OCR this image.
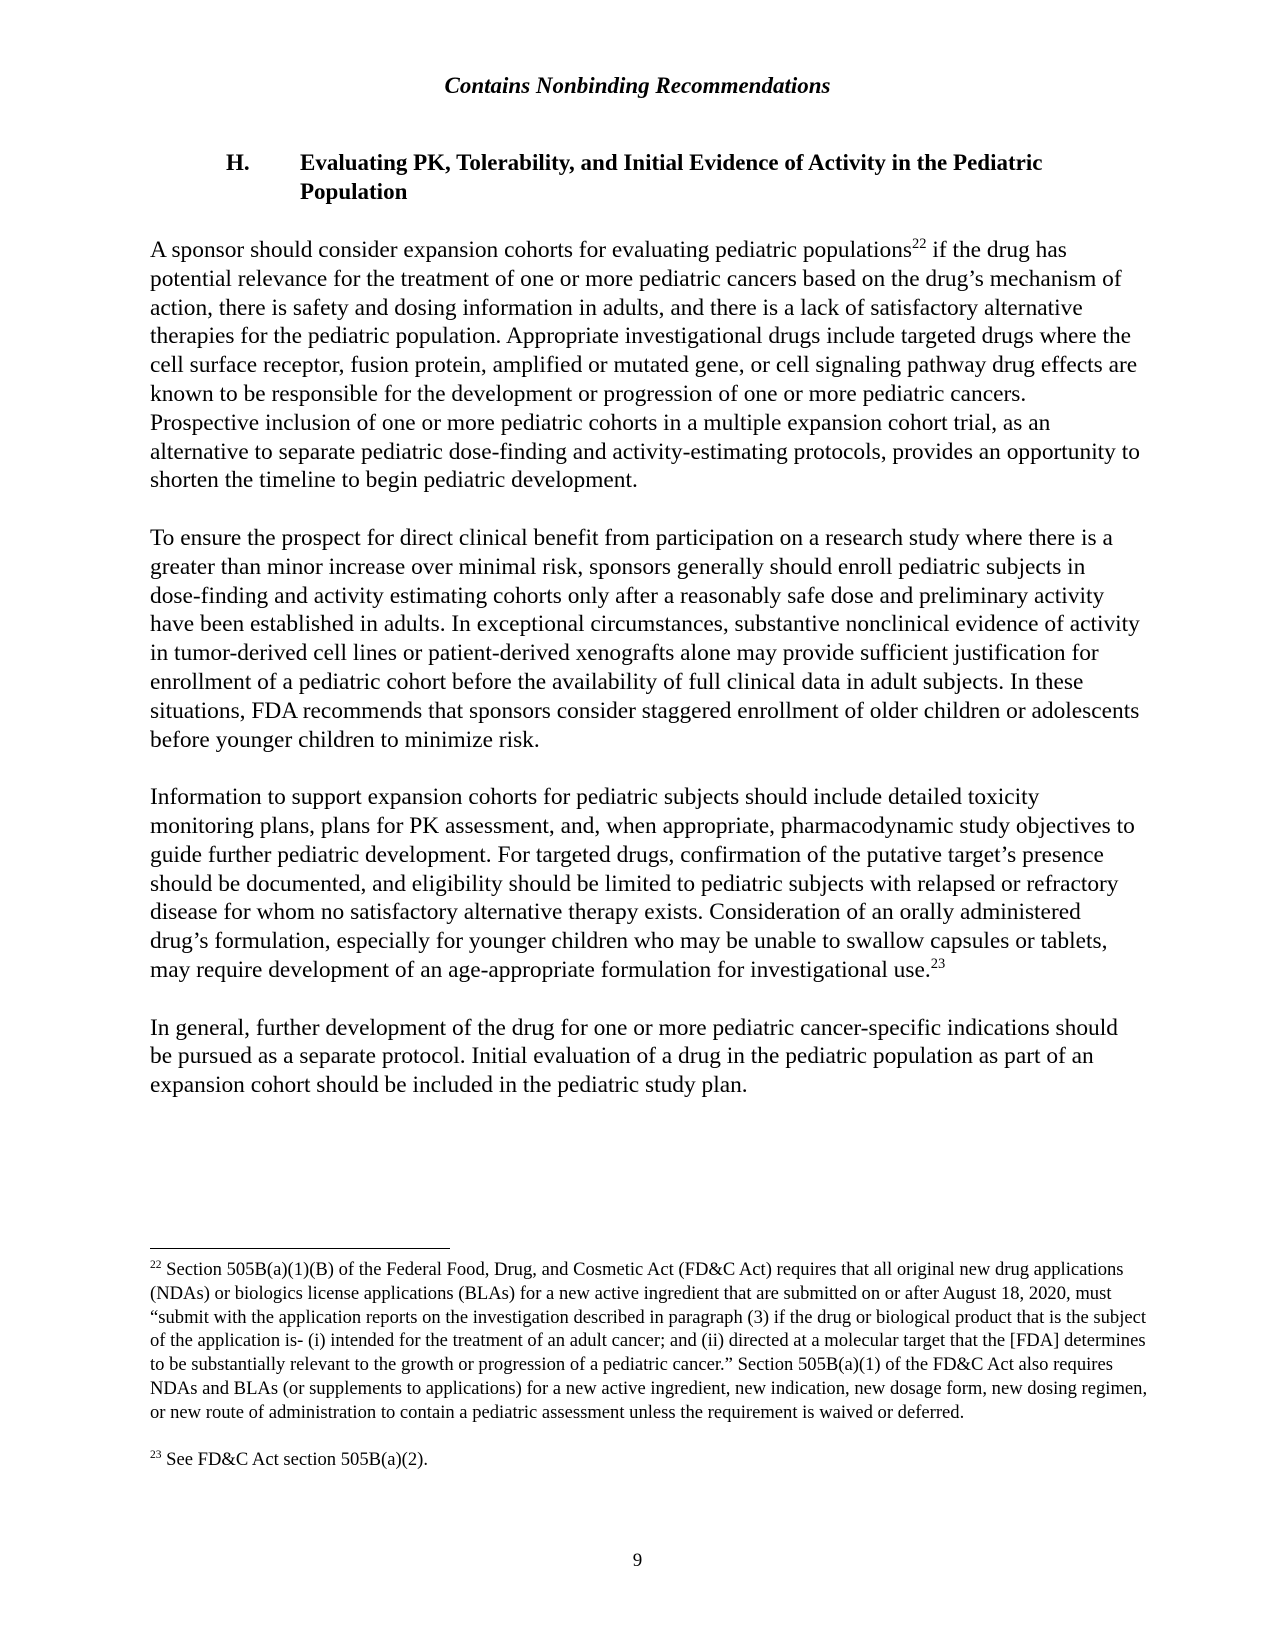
Contains Nonbinding Recommendations
H. Evaluating PK, Tolerability, and Initial Evidence of Activity in the Pediatric Population

A sponsor should consider expansion cohorts for evaluating pediatric populations$^{22}$ if the drug has potential relevance for the treatment of one or more pediatric cancers based on the drug’s mechanism of action, there is safety and dosing information in adults, and there is a lack of satisfactory alternative therapies for the pediatric population. Appropriate investigational drugs include targeted drugs where the cell surface receptor, fusion protein, amplified or mutated gene, or cell signaling pathway drug effects are known to be responsible for the development or progression of one or more pediatric cancers. Prospective inclusion of one or more pediatric cohorts in a multiple expansion cohort trial, as an alternative to separate pediatric dose-finding and activity-estimating protocols, provides an opportunity to shorten the timeline to begin pediatric development.

To ensure the prospect for direct clinical benefit from participation on a research study where there is a greater than minor increase over minimal risk, sponsors generally should enroll pediatric subjects in dose-finding and activity estimating cohorts only after a reasonably safe dose and preliminary activity have been established in adults. In exceptional circumstances, substantive nonclinical evidence of activity in tumor-derived cell lines or patient-derived xenografts alone may provide sufficient justification for enrollment of a pediatric cohort before the availability of full clinical data in adult subjects. In these situations, FDA recommends that sponsors consider staggered enrollment of older children or adolescents before younger children to minimize risk.

Information to support expansion cohorts for pediatric subjects should include detailed toxicity monitoring plans, plans for PK assessment, and, when appropriate, pharmacodynamic study objectives to guide further pediatric development. For targeted drugs, confirmation of the putative target’s presence should be documented, and eligibility should be limited to pediatric subjects with relapsed or refractory disease for whom no satisfactory alternative therapy exists. Consideration of an orally administered drug’s formulation, especially for younger children who may be unable to swallow capsules or tablets, may require development of an age-appropriate formulation for investigational use.$^{23}$

In general, further development of the drug for one or more pediatric cancer-specific indications should be pursued as a separate protocol. Initial evaluation of a drug in the pediatric population as part of an expansion cohort should be included in the pediatric study plan.

$^{22}$ Section 505B(a)(1)(B) of the Federal Food, Drug, and Cosmetic Act (FD&C Act) requires that all original new drug applications (NDAs) or biologics license applications (BLAs) for a new active ingredient that are submitted on or after August 18, 2020, must “submit with the application reports on the investigation described in paragraph (3) if the drug or biological product that is the subject of the application is- (i) intended for the treatment of an adult cancer; and (ii) directed at a molecular target that the [FDA] determines to be substantially relevant to the growth or progression of a pediatric cancer.” Section 505B(a)(1) of the FD&C Act also requires NDAs and BLAs (or supplements to applications) for a new active ingredient, new indication, new dosage form, new dosing regimen, or new route of administration to contain a pediatric assessment unless the requirement is waived or deferred.

$^{23}$ See FD&C Act section 505B(a)(2).

9
